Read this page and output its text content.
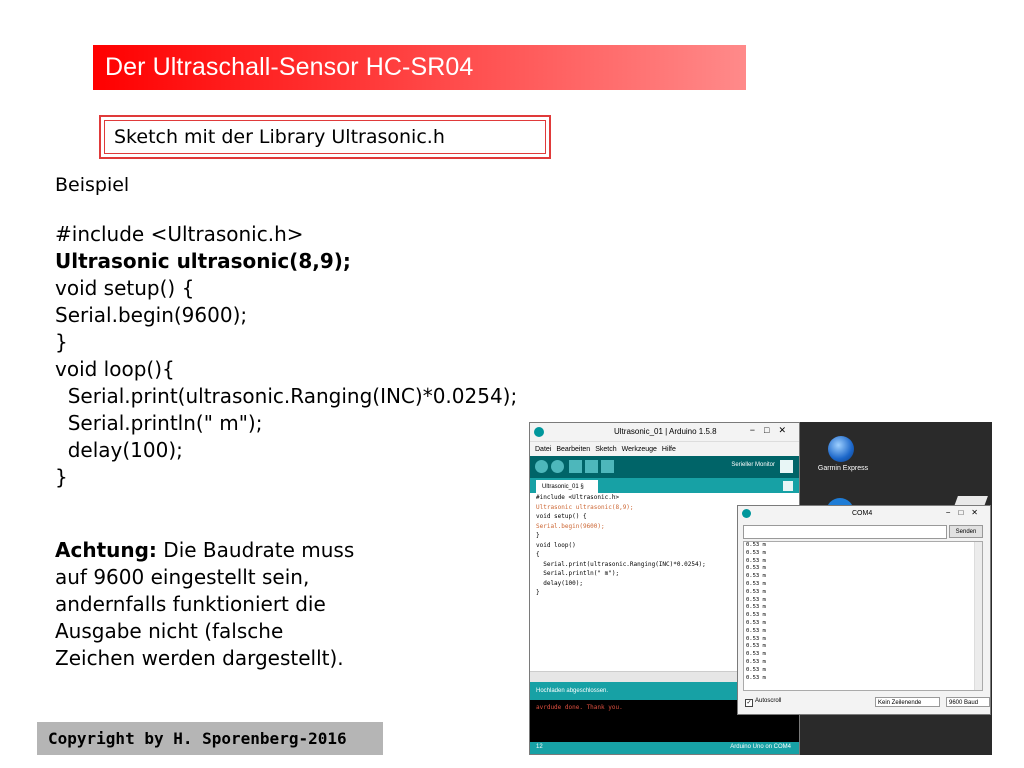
Der Ultraschall-Sensor HC-SR04
Sketch mit der Library Ultrasonic.h
Beispiel
#include <Ultrasonic.h>
Ultrasonic ultrasonic(8,9);
void setup() {
Serial.begin(9600);
}
void loop(){
Serial.print(ultrasonic.Ranging(INC)*0.0254);
Serial.println(" m");
delay(100);
}
Achtung: Die Baudrate muss
auf 9600 eingestellt sein,
andernfalls funktioniert die
Ausgabe nicht (falsche
Zeichen werden dargestellt).
Copyright by H. Sporenberg-2016
Garmin Express
Ultrasonic_01 | Arduino 1.5.8	−□✕
Datei Bearbeiten Sketch Werkzeuge Hilfe
Serieller Monitor
Ultrasonic_01 §
#include <Ultrasonic.h>
Ultrasonic ultrasonic(8,9);
void setup() {
Serial.begin(9600);
}
void loop()
{
Serial.print(ultrasonic.Ranging(INC)*0.0254);
Serial.println(" m");
delay(100);
}
Hochladen abgeschlossen.
avrdude done. Thank you.
12	Arduino Uno on COM4
COM4	−□✕
Senden
0.53 m
0.53 m
0.53 m
0.53 m
0.53 m
0.53 m
0.53 m
0.53 m
0.53 m
0.53 m
0.53 m
0.53 m
0.53 m
0.53 m
0.53 m
0.53 m
0.53 m
0.53 m
✓ Autoscroll	Kein Zeilenende	9600 Baud
